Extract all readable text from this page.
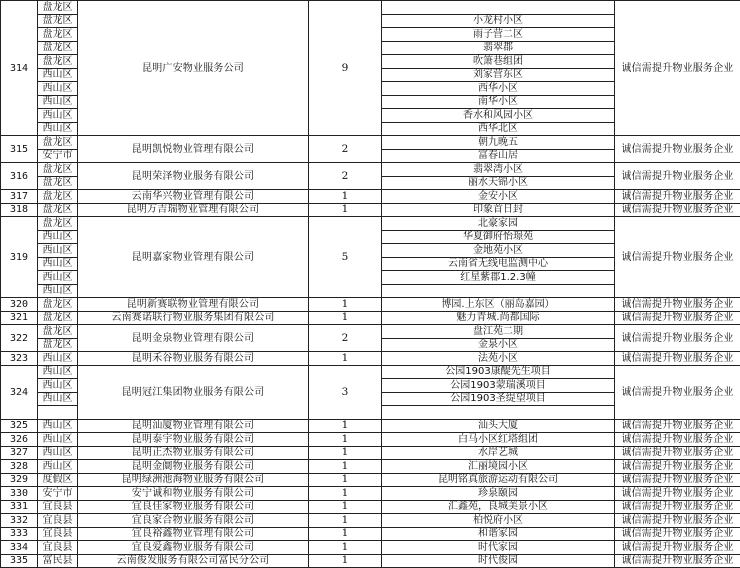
314	盘龙区	昆明广安物业服务公司	9		诚信需提升物业服务企业
	盘龙区			小龙村小区	
	盘龙区			雨子营二区	
	盘龙区			翡翠郡	
	盘龙区			吹箫巷组团	
	西山区			刘家营东区	
	西山区			西华小区	
	西山区			南华小区	
	西山区			香水和风园小区	
	西山区			西华北区	
315	盘龙区	昆明凯悦物业管理有限公司	2	朝九晚五	诚信需提升物业服务企业
	安宁市			富春山居	
316	盘龙区	昆明荣泽物业服务有限公司	2	翡翠湾小区	诚信需提升物业服务企业
	盘龙区			丽水天锦小区	
317	盘龙区	云南华兴物业管理有限公司	1	金安小区	诚信需提升物业服务企业
318	盘龙区	昆明万吉瑞物业管理有限公司	1	印象首日封	诚信需提升物业服务企业
319	盘龙区	昆明嘉家物业管理有限公司	5	北豪家园	诚信需提升物业服务企业
	西山区			华夏御府怡璟苑	
	西山区			金地苑小区	
	西山区			云南省无线电监测中心	
	西山区			红星紫郡1.2.3幢	
	西山区				
320	盘龙区	昆明新赛联物业管理有限公司	1	博园.上东区（丽岛嘉园）	诚信需提升物业服务企业
321	盘龙区	云南赛诺联行物业服务集团有限公司	1	魅力青城.尚都国际	诚信需提升物业服务企业
322	盘龙区	昆明金泉物业管理有限公司	2	盘江苑二期	诚信需提升物业服务企业
	盘龙区			金泉小区	
323	西山区	昆明禾谷物业服务有限公司	1	法苑小区	诚信需提升物业服务企业
324	西山区	昆明冠江集团物业服务有限公司	3	公园1903康醍先生项目	诚信需提升物业服务企业
	西山区			公园1903蒙瑞溪项目	
	西山区			公园1903圣缇望项目	

325	西山区	昆明汕厦物业管理有限公司	1	汕头大厦	诚信需提升物业服务企业
326	西山区	昆明泰宇物业服务有限公司	1	白马小区红塔组团	诚信需提升物业服务企业
327	西山区	昆明正杰物业服务有限公司	1	水岸艺城	诚信需提升物业服务企业
328	西山区	昆明金阛物业服务有限公司	1	汇丽境园小区	诚信需提升物业服务企业
329	度假区	昆明绿洲池海物业服务有限公司	1	昆明铭真旅游运动有限公司	诚信需提升物业服务企业
330	安宁市	安宁诚和物业服务有限公司	1	珍泉颐园	诚信需提升物业服务企业
331	宜良县	宜良佳家物业服务有限公司	1	汇鑫苑，良城美景小区	诚信需提升物业服务企业
332	宜良县	宜良家合物业服务有限公司	1	柏悦府小区	诚信需提升物业服务企业
333	宜良县	宜良裕鑫物业管理有限公司	1	和谐家园	诚信需提升物业服务企业
334	宜良县	宜良爱鑫物业服务有限公司	1	时代家园	诚信需提升物业服务企业
335	富民县	云南俊发服务有限公司富民分公司	1	时代俊园	诚信需提升物业服务企业
